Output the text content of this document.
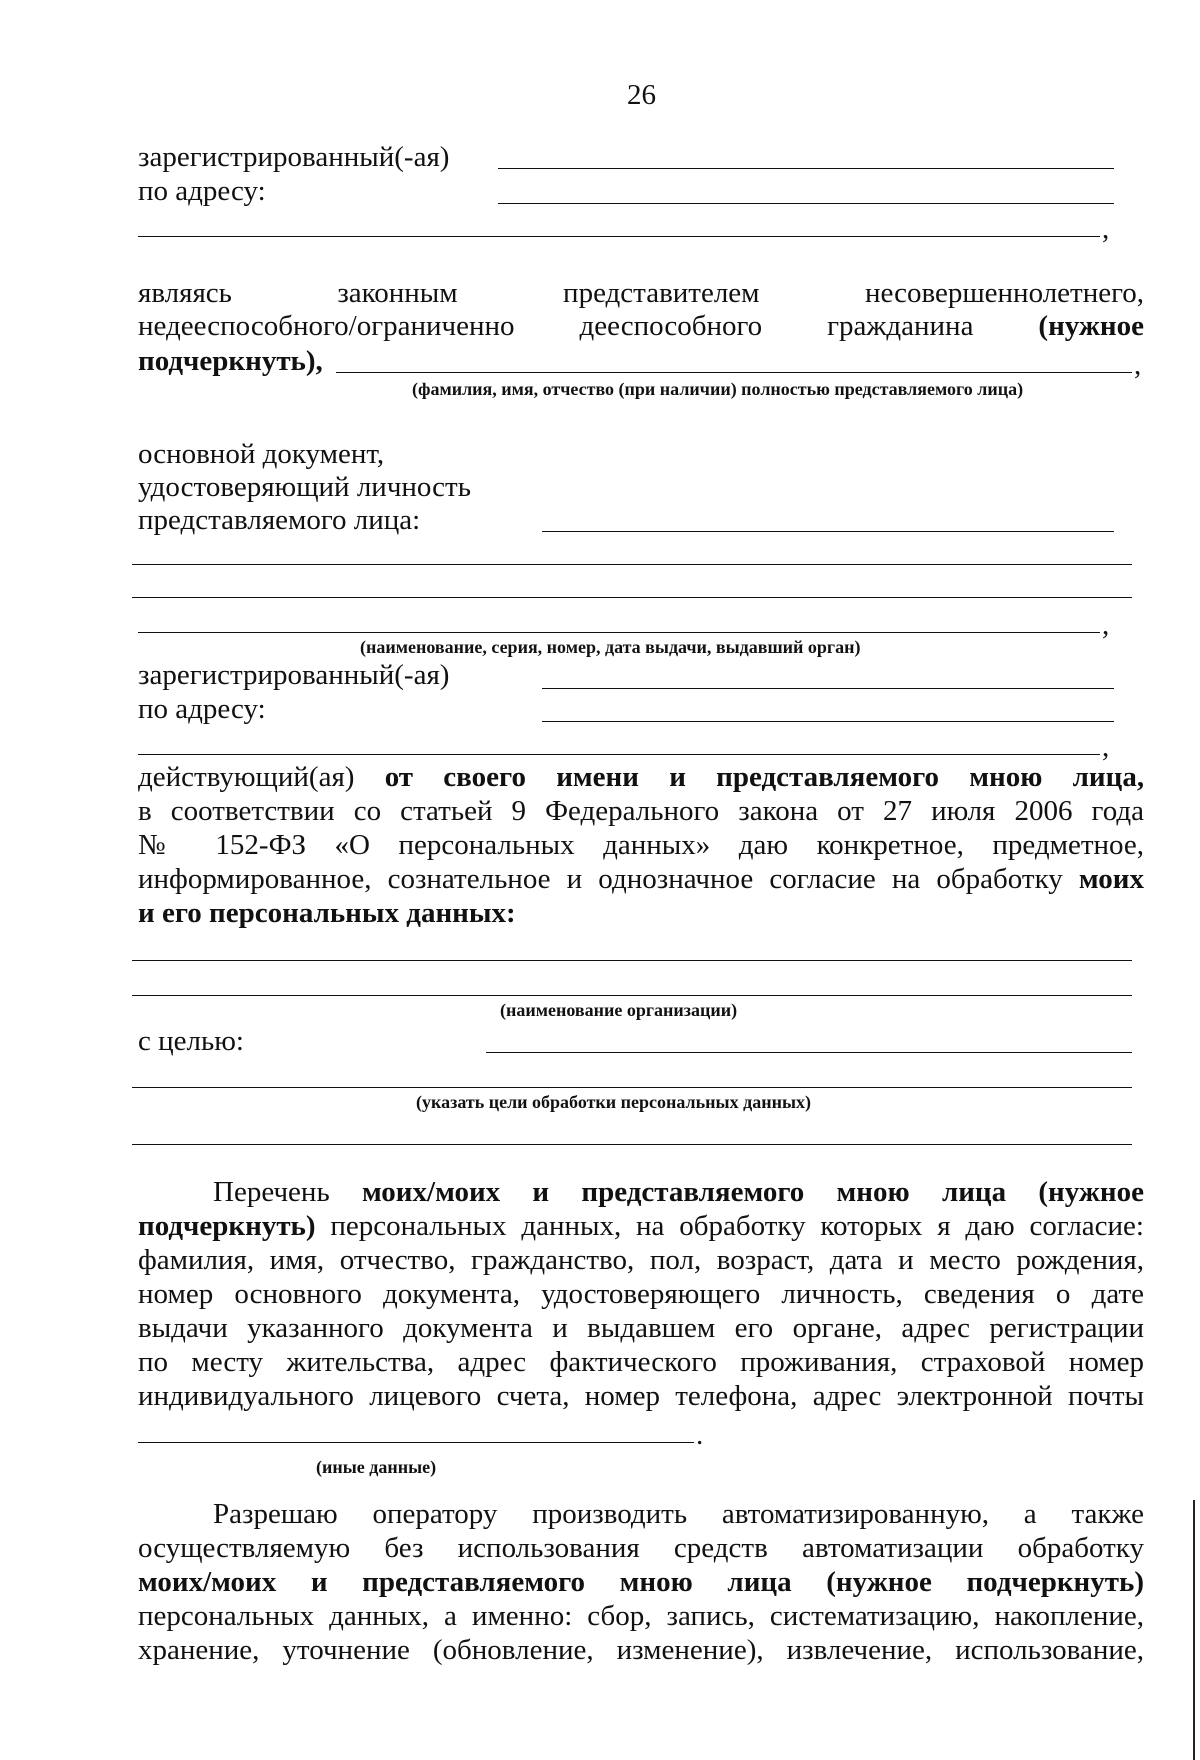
26
зарегистрированный(-ая)
по адресу:
,
являясь	законным	представителем	несовершеннолетнего,
недееспособного/ограниченно дееспособного гражданина (нужное
подчеркнуть),	,
(фамилия, имя, отчество (при наличии) полностью представляемого лица)
основной документ,
удостоверяющий личность
представляемого лица:
,
(наименование, серия, номер, дата выдачи, выдавший орган)
зарегистрированный(-ая)
по адресу:
,
действующий(ая) от своего имени и представляемого мною лица,
в соответствии со статьей 9 Федерального закона от 27 июля 2006 года
№ 152-ФЗ «О персональных данных» даю конкретное, предметное,
информированное, сознательное и однозначное согласие на обработку моих
и его персональных данных:
(наименование организации)
с целью:
(указать цели обработки персональных данных)
Перечень моих/моих и представляемого мною лица (нужное
подчеркнуть) персональных данных, на обработку которых я даю согласие:
фамилия, имя, отчество, гражданство, пол, возраст, дата и место рождения,
номер основного документа, удостоверяющего личность, сведения о дате
выдачи указанного документа и выдавшем его органе, адрес регистрации
по месту жительства, адрес фактического проживания, страховой номер
индивидуального лицевого счета, номер телефона, адрес электронной почты
.
(иные данные)
Разрешаю оператору производить автоматизированную, а также
осуществляемую без использования средств автоматизации обработку
моих/моих и представляемого мною лица (нужное подчеркнуть)
персональных данных, а именно: сбор, запись, систематизацию, накопление,
хранение, уточнение (обновление, изменение), извлечение, использование,
